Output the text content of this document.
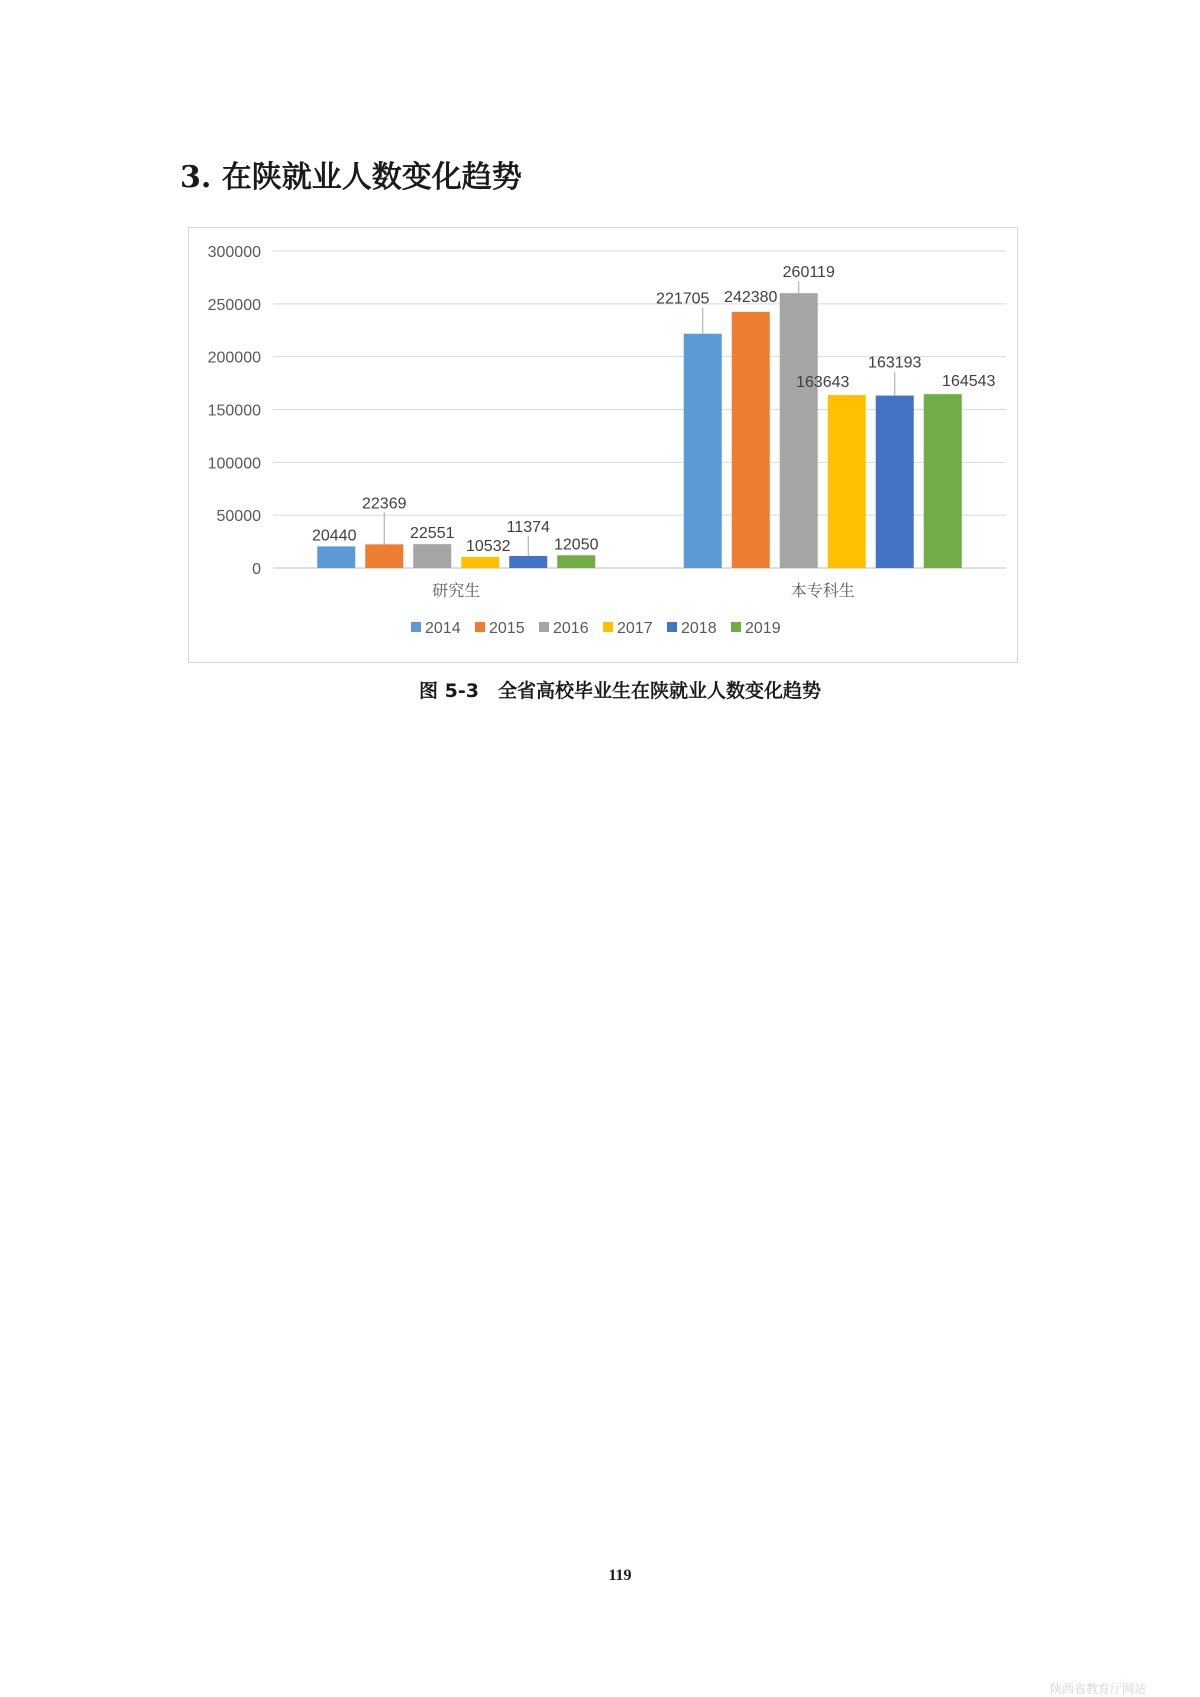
3. 在陕就业人数变化趋势
20440
22369
22551
10532
11374
12050
221705 242380
260119
163643
163193
164543
0
50000
100000
150000
200000
250000
300000
研究生	本专科生
2014 2015 2016 2017 2018 2019
图 5-3　全省高校毕业生在陕就业人数变化趋势
119
陕西省教育厅网站
